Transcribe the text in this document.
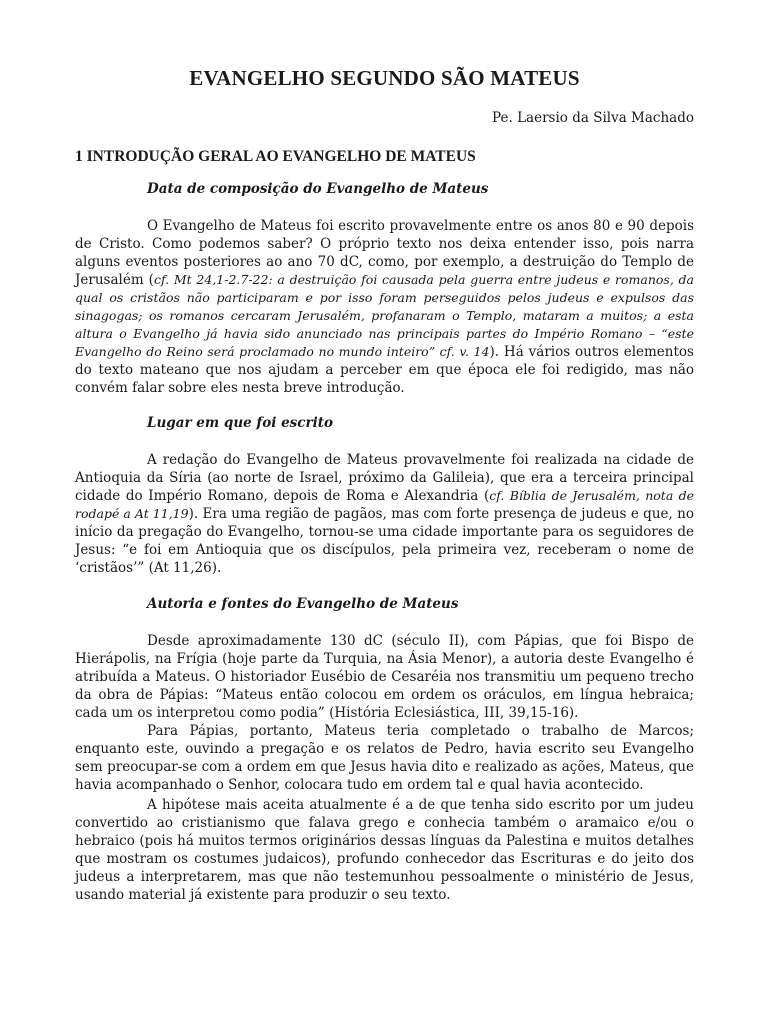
EVANGELHO SEGUNDO SÃO MATEUS

Pe. Laersio da Silva Machado

1 INTRODUÇÃO GERAL AO EVANGELHO DE MATEUS
Data de composição do Evangelho de Mateus

O Evangelho de Mateus foi escrito provavelmente entre os anos 80 e 90 depois de Cristo. Como podemos saber? O próprio texto nos deixa entender isso, pois narra alguns eventos posteriores ao ano 70 dC, como, por exemplo, a destruição do Templo de Jerusalém (cf. Mt 24,1-2.7-22: a destruição foi causada pela guerra entre judeus e romanos, da qual os cristãos não participaram e por isso foram perseguidos pelos judeus e expulsos das sinagogas; os romanos cercaram Jerusalém, profanaram o Templo, mataram a muitos; a esta altura o Evangelho já havia sido anunciado nas principais partes do Império Romano – “este Evangelho do Reino será proclamado no mundo inteiro” cf. v. 14). Há vários outros elementos do texto mateano que nos ajudam a perceber em que época ele foi redigido, mas não convém falar sobre eles nesta breve introdução.

Lugar em que foi escrito

A redação do Evangelho de Mateus provavelmente foi realizada na cidade de Antioquia da Síria (ao norte de Israel, próximo da Galileia), que era a terceira principal cidade do Império Romano, depois de Roma e Alexandria (cf. Bíblia de Jerusalém, nota de rodapé a At 11,19). Era uma região de pagãos, mas com forte presença de judeus e que, no início da pregação do Evangelho, tornou-se uma cidade importante para os seguidores de Jesus: “e foi em Antioquia que os discípulos, pela primeira vez, receberam o nome de ‘cristãos’” (At 11,26).

Autoria e fontes do Evangelho de Mateus

Desde aproximadamente 130 dC (século II), com Pápias, que foi Bispo de Hierápolis, na Frígia (hoje parte da Turquia, na Ásia Menor), a autoria deste Evangelho é atribuída a Mateus. O historiador Eusébio de Cesaréia nos transmitiu um pequeno trecho da obra de Pápias: “Mateus então colocou em ordem os oráculos, em língua hebraica; cada um os interpretou como podia” (História Eclesiástica, III, 39,15-16).

Para Pápias, portanto, Mateus teria completado o trabalho de Marcos; enquanto este, ouvindo a pregação e os relatos de Pedro, havia escrito seu Evangelho sem preocupar-se com a ordem em que Jesus havia dito e realizado as ações, Mateus, que havia acompanhado o Senhor, colocara tudo em ordem tal e qual havia acontecido.

A hipótese mais aceita atualmente é a de que tenha sido escrito por um judeu convertido ao cristianismo que falava grego e conhecia também o aramaico e/ou o hebraico (pois há muitos termos originários dessas línguas da Palestina e muitos detalhes que mostram os costumes judaicos), profundo conhecedor das Escrituras e do jeito dos judeus a interpretarem, mas que não testemunhou pessoalmente o ministério de Jesus, usando material já existente para produzir o seu texto.
